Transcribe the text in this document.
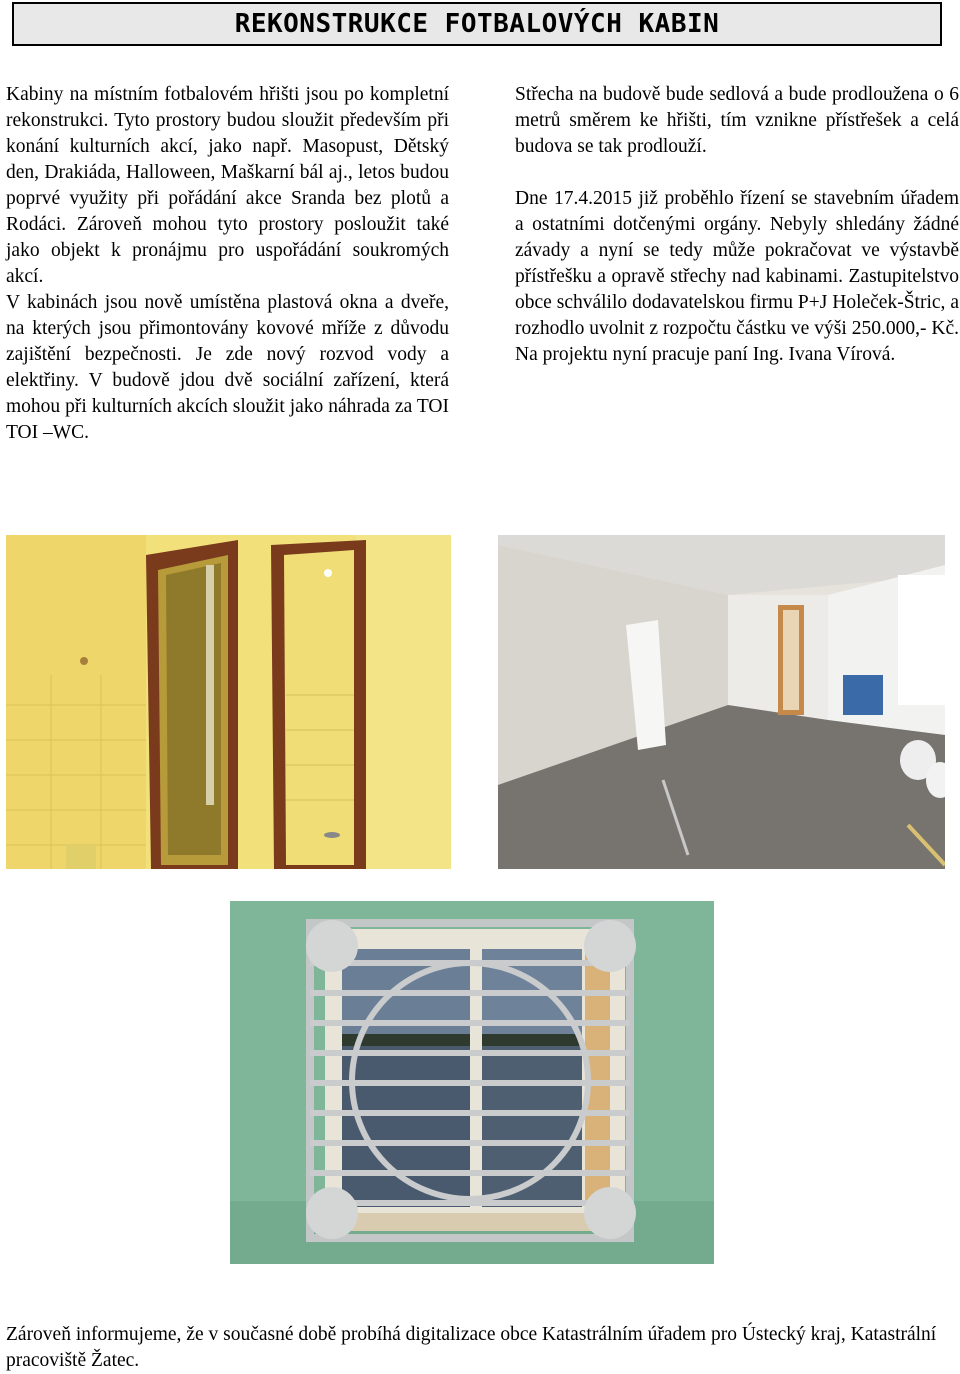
REKONSTRUKCE FOTBALOVÝCH KABIN

Kabiny na místním fotbalovém hřišti jsou po kompletní rekonstrukci. Tyto prostory budou sloužit především při konání kulturních akcí, jako např. Masopust, Dětský den, Drakiáda, Halloween, Maškarní bál aj., letos budou poprvé využity při pořádání akce Sranda bez plotů a Rodáci. Zároveň mohou tyto prostory posloužit také jako objekt k pronájmu pro uspořádání soukromých akcí.

V kabinách jsou nově umístěna plastová okna a dveře, na kterých jsou přimontovány kovové mříže z důvodu zajištění bezpečnosti. Je zde nový rozvod vody a elektřiny. V budově jdou dvě sociální zařízení, která mohou při kulturních akcích sloužit jako náhrada za TOI TOI –WC.

Střecha na budově bude sedlová a bude prodloužena o 6 metrů směrem ke hřišti, tím vznikne přístřešek a celá budova se tak prodlouží.

Dne 17.4.2015 již proběhlo řízení se stavebním úřadem a ostatními dotčenými orgány. Nebyly shledány žádné závady a nyní se tedy může pokračovat ve výstavbě přístřešku a opravě střechy nad kabinami. Zastupitelstvo obce schválilo dodavatelskou firmu P+J Holeček-Štric, a rozhodlo uvolnit z rozpočtu částku ve výši 250.000,- Kč. Na projektu nyní pracuje paní Ing. Ivana Vírová.

Zároveň informujeme, že v současné době probíhá digitalizace obce Katastrálním úřadem pro Ústecký kraj, Katastrální pracoviště Žatec.
